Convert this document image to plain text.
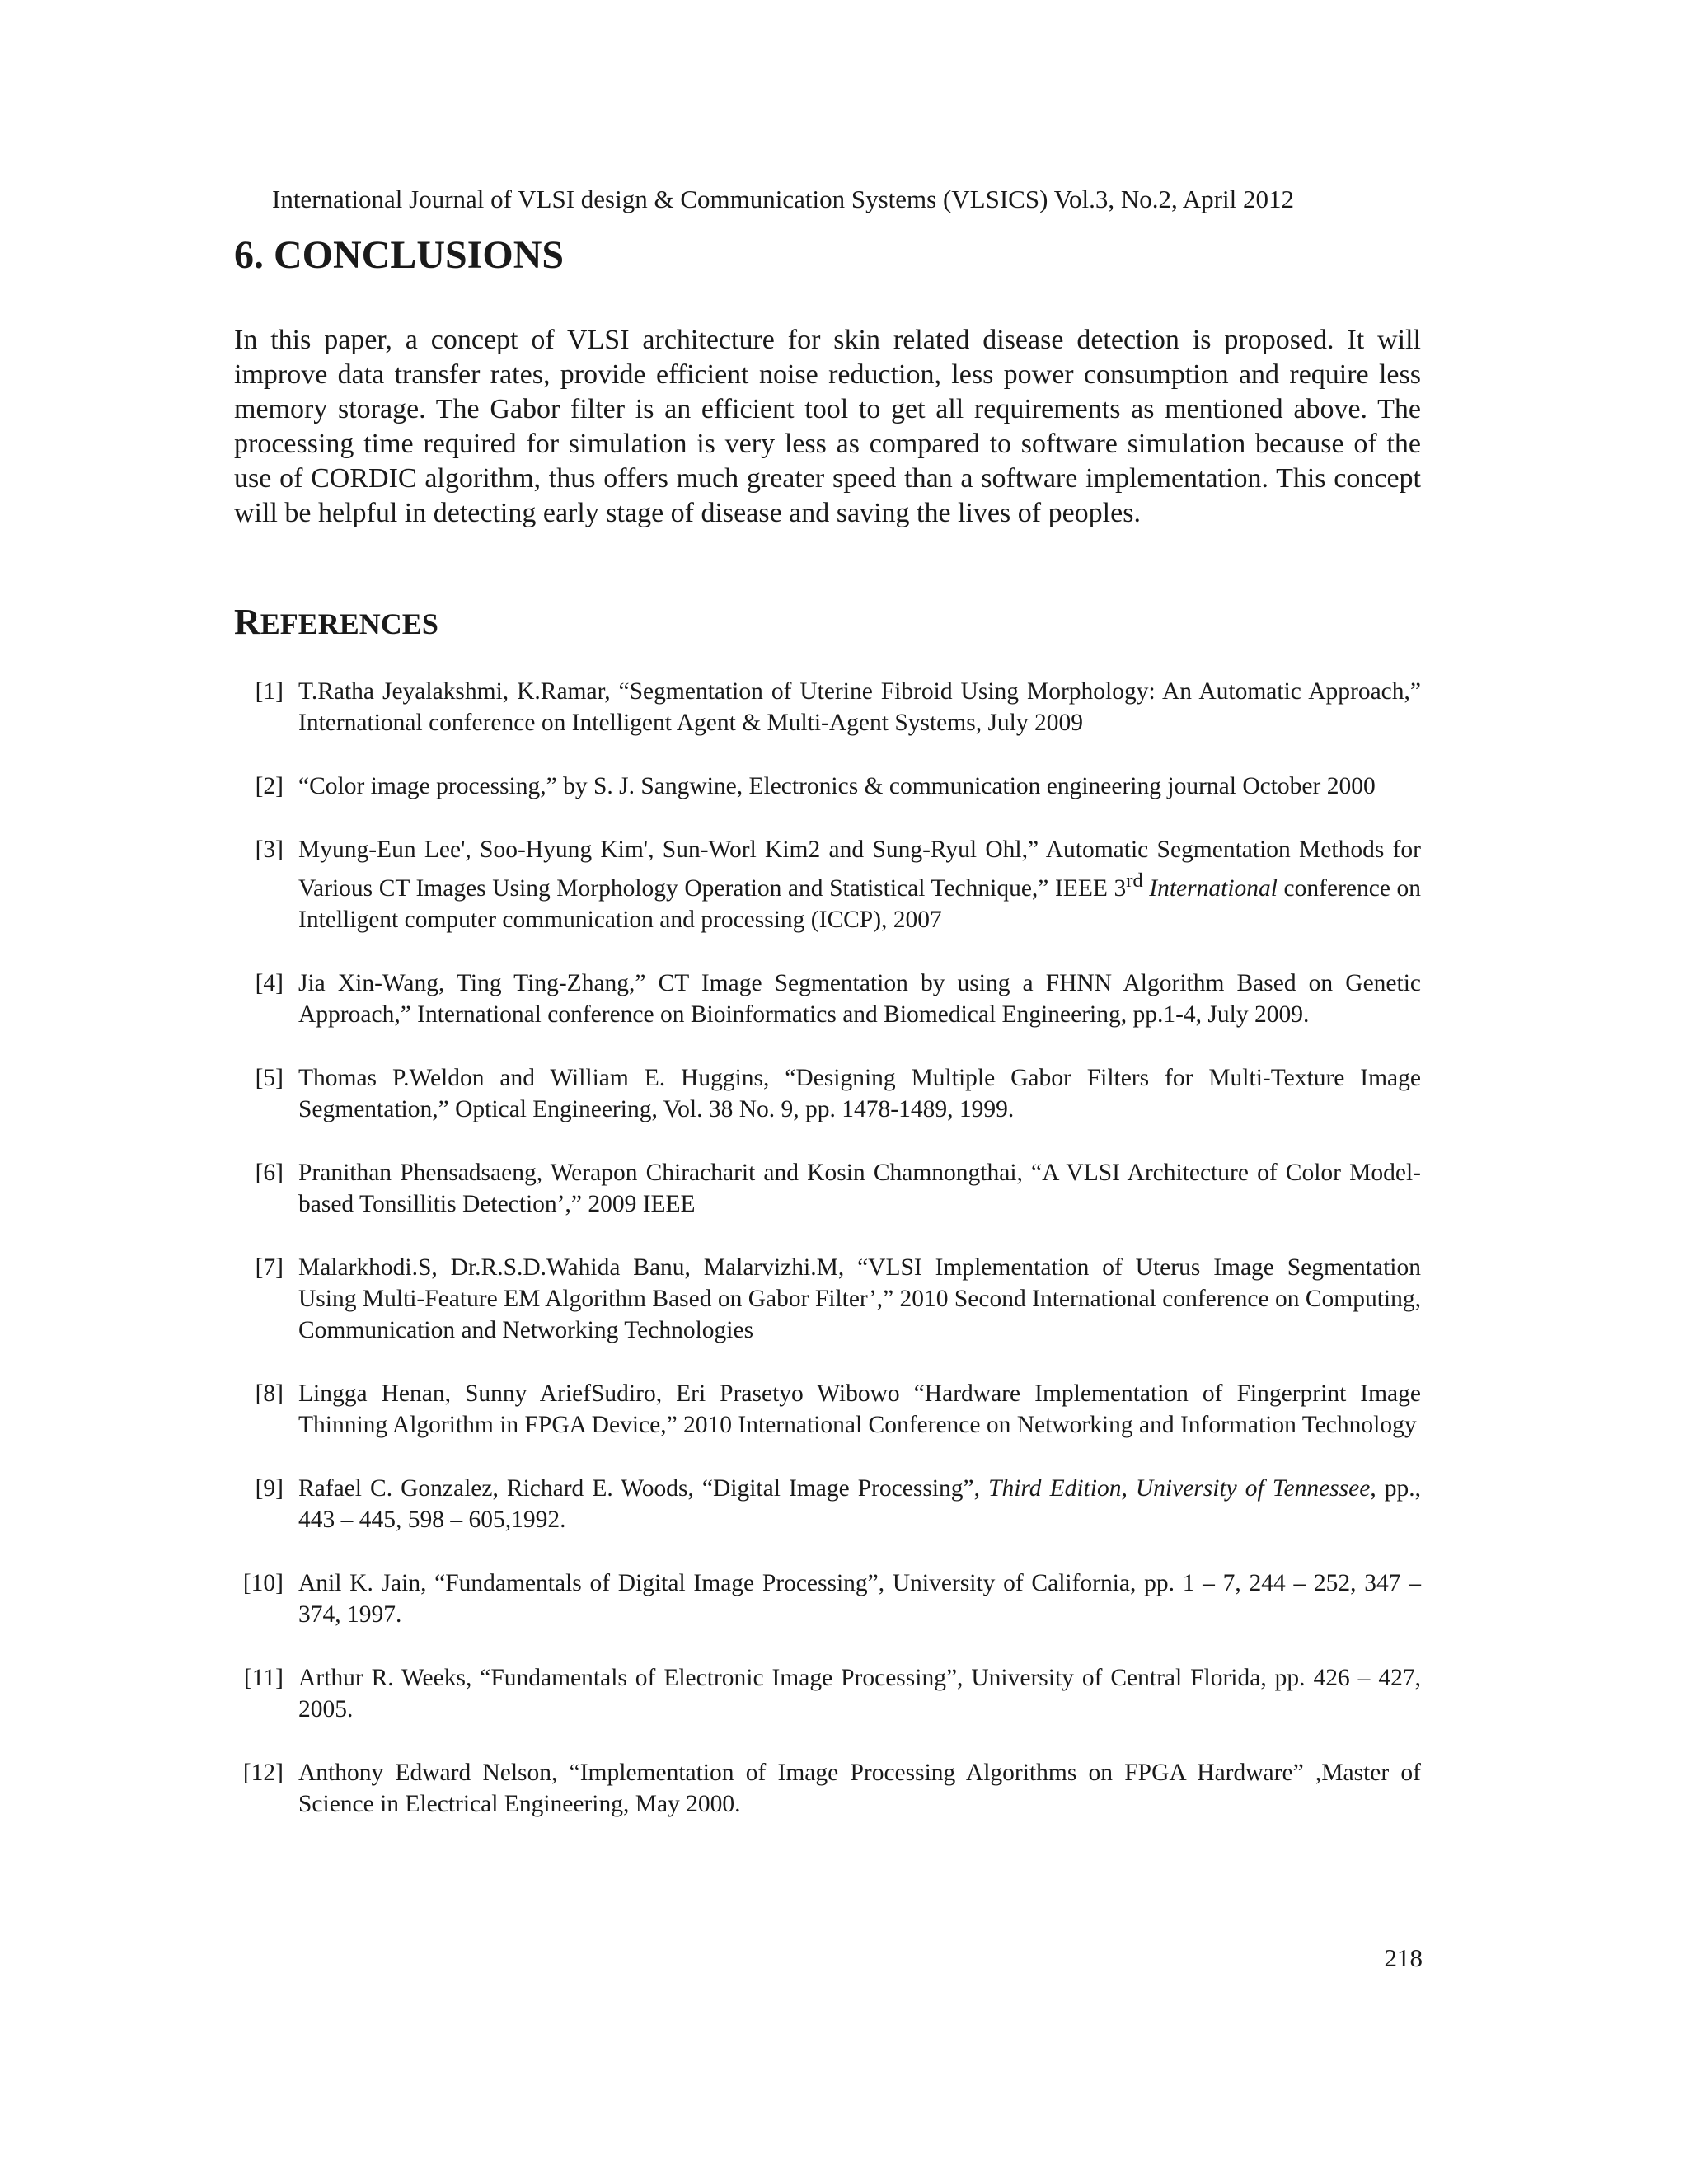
International Journal of VLSI design & Communication Systems (VLSICS) Vol.3, No.2, April 2012
6. CONCLUSIONS
In this paper, a concept of VLSI architecture for skin related disease detection is proposed. It will improve data transfer rates, provide efficient noise reduction, less power consumption and require less memory storage. The Gabor filter is an efficient tool to get all requirements as mentioned above. The processing time required for simulation is very less as compared to software simulation because of the use of CORDIC algorithm, thus offers much greater speed than a software implementation. This concept will be helpful in detecting early stage of disease and saving the lives of peoples.
REFERENCES
[1] T.Ratha Jeyalakshmi, K.Ramar, “Segmentation of Uterine Fibroid Using Morphology: An Automatic Approach,” International conference on Intelligent Agent & Multi-Agent Systems, July 2009
[2] “Color image processing,” by S. J. Sangwine, Electronics & communication engineering journal October 2000
[3] Myung-Eun Lee', Soo-Hyung Kim', Sun-Worl Kim2 and Sung-Ryul Ohl,” Automatic Segmentation Methods for Various CT Images Using Morphology Operation and Statistical Technique,” IEEE 3rd International conference on Intelligent computer communication and processing (ICCP), 2007
[4] Jia Xin-Wang, Ting Ting-Zhang,” CT Image Segmentation by using a FHNN Algorithm Based on Genetic Approach,” International conference on Bioinformatics and Biomedical Engineering, pp.1-4, July 2009.
[5] Thomas P.Weldon and William E. Huggins, “Designing Multiple Gabor Filters for Multi-Texture Image Segmentation,” Optical Engineering, Vol. 38 No. 9, pp. 1478-1489, 1999.
[6] Pranithan Phensadsaeng, Werapon Chiracharit and Kosin Chamnongthai, “A VLSI Architecture of Color Model-based Tonsillitis Detection’,” 2009 IEEE
[7] Malarkhodi.S, Dr.R.S.D.Wahida Banu, Malarvizhi.M, “VLSI Implementation of Uterus Image Segmentation Using Multi-Feature EM Algorithm Based on Gabor Filter’,” 2010 Second International conference on Computing, Communication and Networking Technologies
[8] Lingga Henan, Sunny AriefSudiro, Eri Prasetyo Wibowo “Hardware Implementation of Fingerprint Image Thinning Algorithm in FPGA Device,” 2010 International Conference on Networking and Information Technology
[9] Rafael C. Gonzalez, Richard E. Woods, “Digital Image Processing”, Third Edition, University of Tennessee, pp., 443 – 445, 598 – 605,1992.
[10] Anil K. Jain, “Fundamentals of Digital Image Processing”, University of California, pp. 1 – 7, 244 – 252, 347 – 374, 1997.
[11] Arthur R. Weeks, “Fundamentals of Electronic Image Processing”, University of Central Florida, pp. 426 – 427, 2005.
[12] Anthony Edward Nelson, “Implementation of Image Processing Algorithms on FPGA Hardware” ,Master of Science in Electrical Engineering, May 2000.
218
